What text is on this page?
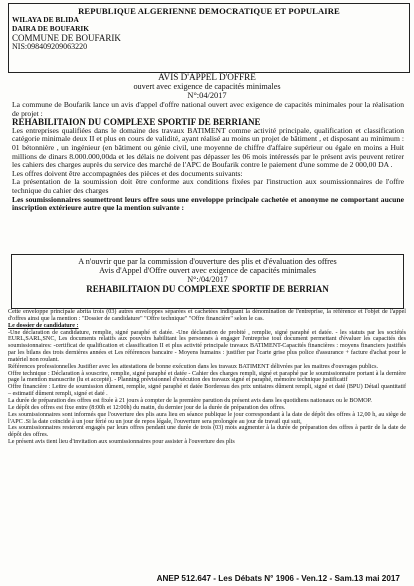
REPUBLIQUE ALGERIENNE DEMOCRATIQUE ET POPULAIRE
WILAYA DE BLIDA
DAIRA DE BOUFARIK
COMMUNE DE BOUFARIK
NIS:098409209063220
AVIS D'APPEL D'OFFRE
ouvert avec exigence de capacités minimales
N°:04/2017

La commune de Boufarik lance un avis d'appel d'offre national ouvert avec exigence de capacités minimales pour la réalisation de projet :

REHABILITAION DU COMPLEXE SPORTIF DE BERRIANE

Les entreprises qualifiées dans le domaine des travaux BATIMENT comme activité principale, qualification et classification catégorie minimale deux II et plus en cours de validité, ayant réalisé au moins un projet de bâtiment , et disposant au minimum : 01 bétonnière , un ingénieur (en bâtiment ou génie civil, une moyenne de chiffre d'affaire supérieur ou égale en moins a Huit millions de dinars 8.000.000,00da et les délais ne doivent pas dépasser les 06 mois intéressés par le présent avis peuvent retirer les cahiers des charges auprès du service des marché de l'APC de Boufarik contre le paiement d'une somme de 2 000,00 DA .

Les offres doivent être accompagnées des pièces et des documents suivants:

La présentation de la soumission doit être conforme aux conditions fixées par l'instruction aux soumissionnaires de l'offre technique du cahier des charges

Les soumissionnaires soumettront leurs offre sous une enveloppe principale cachetée et anonyme ne comportant aucune inscription extérieure autre que la mention suivante :

A n'ouvrir que par la commission d'ouverture des plis et d'évaluation des offres
Avis d'Appel d'Offre ouvert avec exigence de capacités minimales
N°:/04/2017
REHABILITAION DU COMPLEXE SPORTIF DE BERRIAN

Cette enveloppe principale abrita trois (03) autres enveloppes séparées et cachetées indiquant la dénomination de l'entreprise, la référence et l'objet de l'appel d'offres ainsi que la mention : "Dossier de candidature" "Offre technique" "Offre financière" selon le cas.

Le dossier de candidature :

-Une déclaration de candidature, remplie, signé paraphé et datée. -Une déclaration de probité , remplie, signé paraphé et datée. - les statuts par les sociétés EURL,SARL,SNC, Les documents relatifs aux pouvoirs habilitant les personnes à engager l'entreprise tout document permettant d'évaluer les capacités des soumissionnaires: -certificat de qualification et classification II et plus activité principale travaux BATIMENT-Capacités financières : moyens financiers justifiés par les bilans des trois dernières années et Les références bancaire - Moyens humains : justifier par l'carte grise plus police d'assurance + facture d'achat pour le matériel non roulant.

Références professionnelles Justifier avec les attestations de bonne exécution dans les travaux BATIMENT délivrées par les maitres d'ouvrages publics.

Offre technique : Déclaration à souscrire, remplie, signé paraphé et datée - Cahier des charges rempli, signé et paraphé par le soumissionnaire portant à la dernière page la mention manuscrite (lu et accepté). - Planning prévisionnel d'exécution des travaux signé et paraphé, mémoire technique justificatif

Offre financière : Lettre de soumission dûment, remplie, signé paraphé et datée Bordereau des prix unitaires dûment rempli, signé et daté (BPU) Détail quantitatif – estimatif dûment rempli, signé et daté .

La durée de préparation des offres est fixée à 21 jours à compter de la première parution du présent avis dans les quotidiens nationaux ou le BOMOP.

Le dépôt des offres est fixe entre (8:00h et 12:00h) du matin, du dernier jour de la durée de préparation des offres.

Les soumissionnaires sont informés que l'ouverture des plis aura lieu en séance publique le jour correspondant à la date de dépôt des offres à 12,00 h, au siège de l'APC .Si la date coïncide à un jour férié ou un jour de repos légale, l'ouverture sera prolongée au jour de travail qui suit,

Les soumissionnaires resteront engagés par leurs offres pendant une durée de trois (03) mois augmenter à la durée de préparation des offres à partir de la date de dépôt des offres.

Le présent avis tient lieu d'invitation aux soumissionnaires pour assister à l'ouverture des plis

ANEP 512.647 - Les Débats N° 1906 - Ven.12 - Sam.13 mai 2017
